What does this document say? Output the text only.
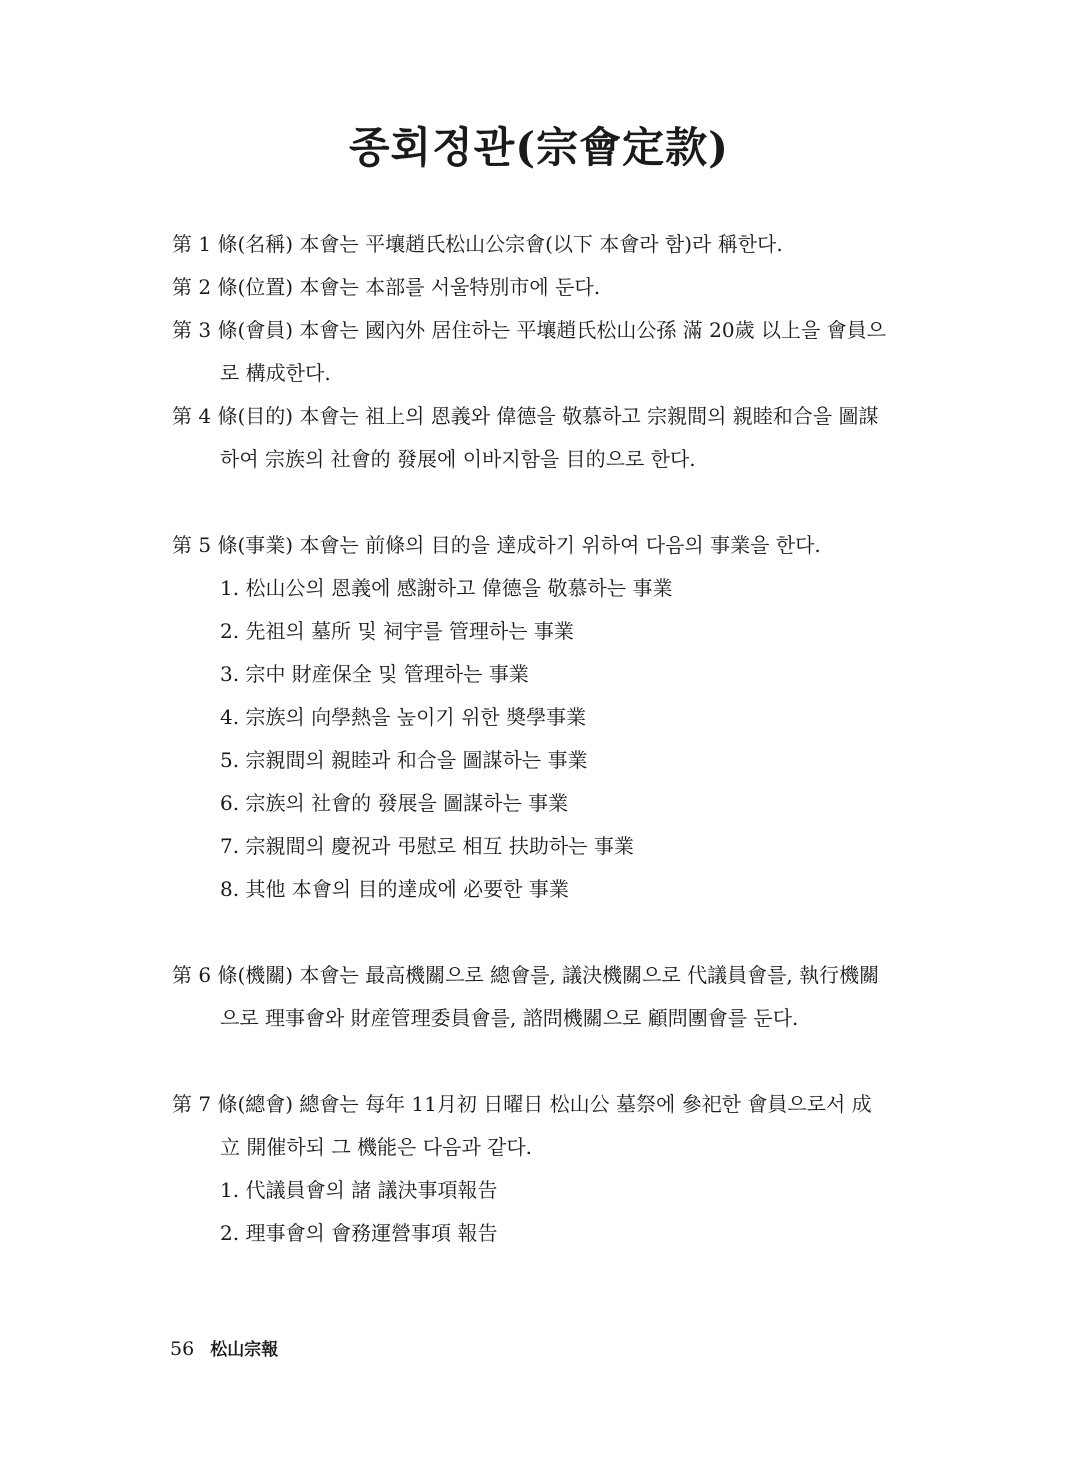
종회정관(宗會定款)
第 1 條(名稱) 本會는 平壤趙氏松山公宗會(以下 本會라 함)라 稱한다.
第 2 條(位置) 本會는 本部를 서울特別市에 둔다.
第 3 條(會員) 本會는 國內外 居住하는 平壤趙氏松山公孫 滿 20歲 以上을 會員으
로 構成한다.
第 4 條(目的) 本會는 祖上의 恩義와 偉德을 敬慕하고 宗親間의 親睦和合을 圖謀
하여 宗族의 社會的 發展에 이바지함을 目的으로 한다.
第 5 條(事業) 本會는 前條의 目的을 達成하기 위하여 다음의 事業을 한다.
1. 松山公의 恩義에 感謝하고 偉德을 敬慕하는 事業
2. 先祖의 墓所 및 祠宇를 管理하는 事業
3. 宗中 財産保全 및 管理하는 事業
4. 宗族의 向學熱을 높이기 위한 奬學事業
5. 宗親間의 親睦과 和合을 圖謀하는 事業
6. 宗族의 社會的 發展을 圖謀하는 事業
7. 宗親間의 慶祝과 弔慰로 相互 扶助하는 事業
8. 其他 本會의 目的達成에 必要한 事業
第 6 條(機關) 本會는 最高機關으로 總會를, 議決機關으로 代議員會를, 執行機關
으로 理事會와 財産管理委員會를, 諮問機關으로 顧問團會를 둔다.
第 7 條(總會) 總會는 每年 11月初 日曜日 松山公 墓祭에 參祀한 會員으로서 成
立 開催하되 그 機能은 다음과 같다.
1. 代議員會의 諸 議決事項報告
2. 理事會의 會務運營事項 報告
56 松山宗報
